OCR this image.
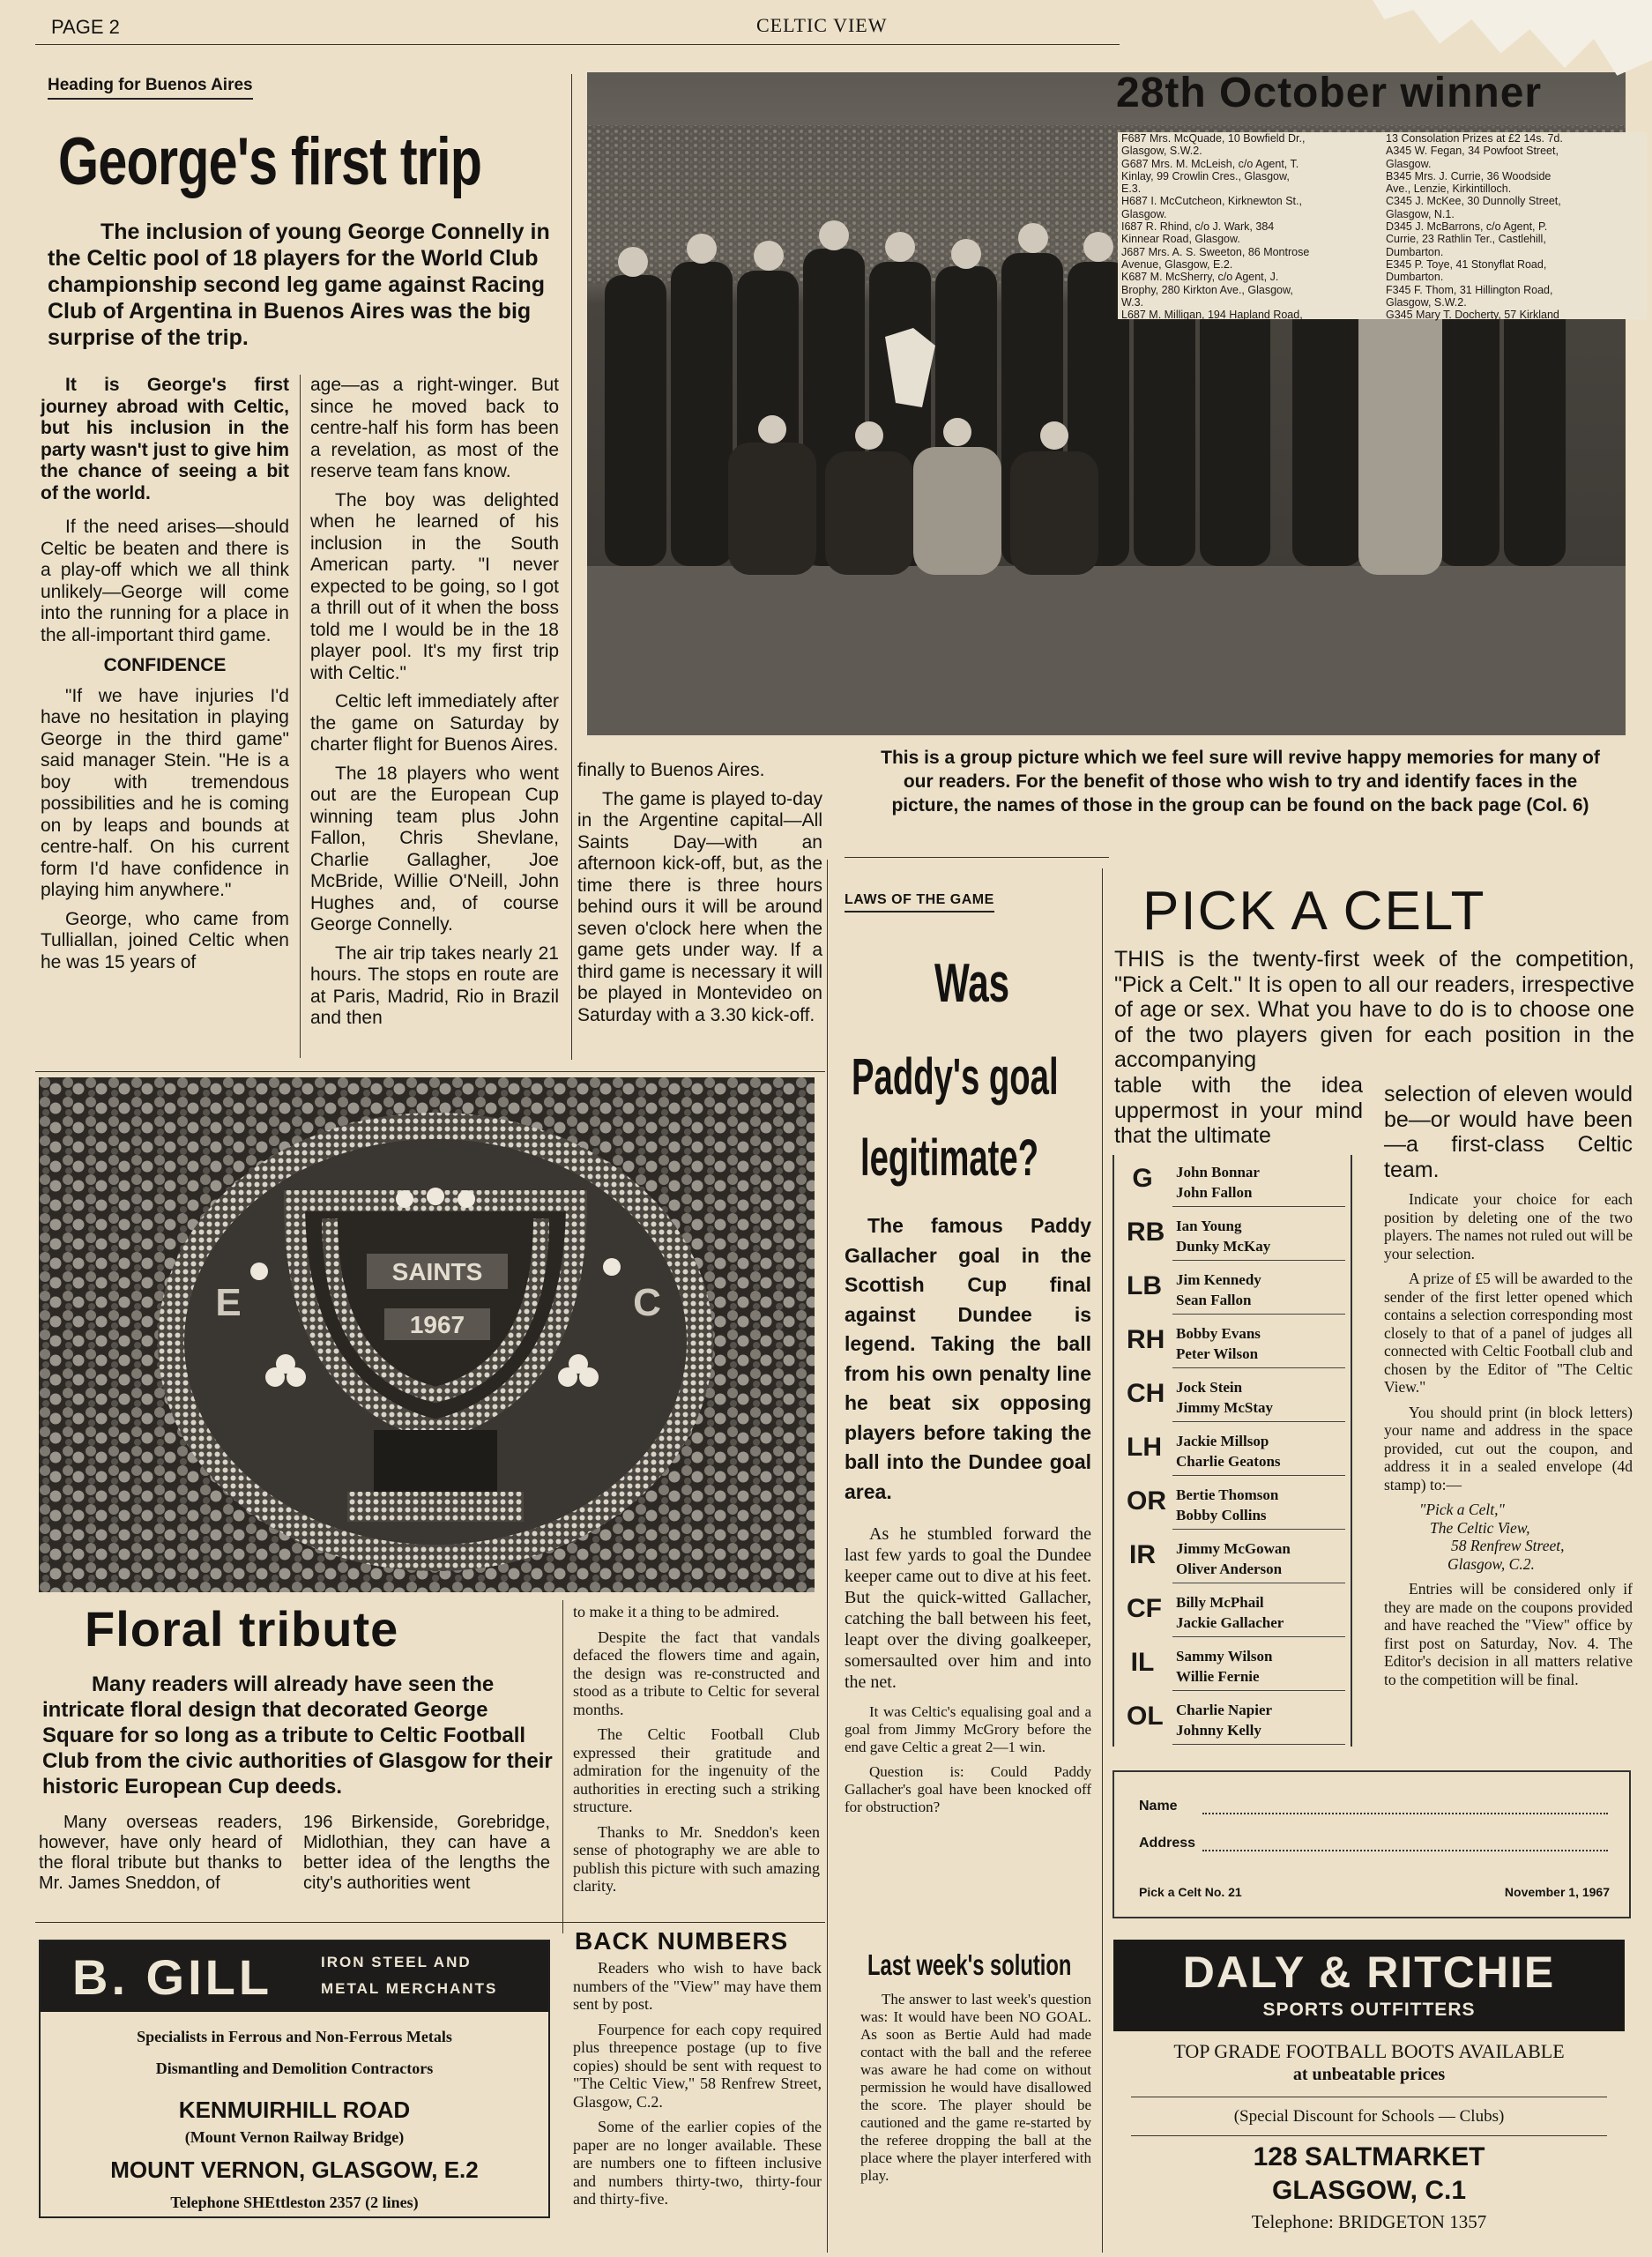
PAGE 2	CELTIC VIEW
Heading for Buenos Aires
George's first trip
The inclusion of young George Connelly in the Celtic pool of 18 players for the World Club championship second leg game against Racing Club of Argentina in Buenos Aires was the big surprise of the trip.

It is George's first journey abroad with Celtic, but his inclusion in the party wasn't just to give him the chance of seeing a bit of the world.

If the need arises—should Celtic be beaten and there is a play-off which we all think unlikely—George will come into the running for a place in the all-important third game.

CONFIDENCE

"If we have injuries I'd have no hesitation in playing George in the third game" said manager Stein. "He is a boy with tremendous possibilities and he is coming on by leaps and bounds at centre-half. On his current form I'd have confidence in playing him anywhere."

George, who came from Tulliallan, joined Celtic when he was 15 years of

age—as a right-winger. But since he moved back to centre-half his form has been a revelation, as most of the reserve team fans know.

The boy was delighted when he learned of his inclusion in the South American party. "I never expected to be going, so I got a thrill out of it when the boss told me I would be in the 18 player pool. It's my first trip with Celtic."

Celtic left immediately after the game on Saturday by charter flight for Buenos Aires.

The 18 players who went out are the European Cup winning team plus John Fallon, Chris Shevlane, Charlie Gallagher, Joe McBride, Willie O'Neill, John Hughes and, of course George Connelly.

The air trip takes nearly 21 hours. The stops en route are at Paris, Madrid, Rio in Brazil and then

finally to Buenos Aires.

The game is played to-day in the Argentine capital—All Saints Day—with an afternoon kick-off, but, as the time there is three hours behind ours it will be around seven o'clock here when the game gets under way. If a third game is necessary it will be played in Montevideo on Saturday with a 3.30 kick-off.

This is a group picture which we feel sure will revive happy memories for many of our readers. For the benefit of those who wish to try and identify faces in the picture, the names of those in the group can be found on the back page (Col. 6)
28th October winner
F687 Mrs. McQuade, 10 Bowfield Dr.,
Glasgow, S.W.2.
G687 Mrs. M. McLeish, c/o Agent, T.
Kinlay, 99 Crowlin Cres., Glasgow,
E.3.
H687 I. McCutcheon, Kirknewton St.,
Glasgow.
I687 R. Rhind, c/o J. Wark, 384
Kinnear Road, Glasgow.
J687 Mrs. A. S. Sweeton, 86 Montrose
Avenue, Glasgow, E.2.
K687 M. McSherry, c/o Agent, J.
Brophy, 280 Kirkton Ave., Glasgow,
W.3.
L687 M. Milligan, 194 Hapland Road,
13 Consolation Prizes at £2 14s. 7d.
A345 W. Fegan, 34 Powfoot Street,
Glasgow.
B345 Mrs. J. Currie, 36 Woodside
Ave., Lenzie, Kirkintilloch.
C345 J. McKee, 30 Dunnolly Street,
Glasgow, N.1.
D345 J. McBarrons, c/o Agent, P.
Currie, 23 Rathlin Ter., Castlehill,
Dumbarton.
E345 P. Toye, 41 Stonyflat Road,
Dumbarton.
F345 F. Thom, 31 Hillington Road,
Glasgow, S.W.2.
G345 Mary T. Docherty, 57 Kirkland
SAINTS
1967
E	C
Floral tribute
Many readers will already have seen the intricate floral design that decorated George Square for so long as a tribute to Celtic Football Club from the civic authorities of Glasgow for their historic European Cup deeds.
Many overseas readers, however, have only heard of the floral tribute but thanks to Mr. James Sneddon, of
196 Birkenside, Gorebridge, Midlothian, they can have a better idea of the lengths the city's authorities went

to make it a thing to be admired.

Despite the fact that vandals defaced the flowers time and again, the design was re-constructed and stood as a tribute to Celtic for several months.

The Celtic Football Club expressed their gratitude and admiration for the ingenuity of the authorities in erecting such a striking structure.

Thanks to Mr. Sneddon's keen sense of photography we are able to publish this picture with such amazing clarity.

BACK NUMBERS

Readers who wish to have back numbers of the "View" may have them sent by post.

Fourpence for each copy required plus threepence postage (up to five copies) should be sent with request to "The Celtic View," 58 Renfrew Street, Glasgow, C.2.

Some of the earlier copies of the paper are no longer available. These are numbers one to fifteen inclusive and numbers thirty-two, thirty-four and thirty-five.

B. GILL	IRON STEEL AND
METAL MERCHANTS
Specialists in Ferrous and Non-Ferrous Metals
Dismantling and Demolition Contractors
KENMUIRHILL ROAD
(Mount Vernon Railway Bridge)
MOUNT VERNON, GLASGOW, E.2
Telephone SHEttleston 2357 (2 lines)
LAWS OF THE GAME
Was
Paddy's goal
legitimate?
The famous Paddy Gallacher goal in the Scottish Cup final against Dundee is legend. Taking the ball from his own penalty line he beat six opposing players before taking the ball into the Dundee goal area.

As he stumbled forward the last few yards to goal the Dundee keeper came out to dive at his feet. But the quick-witted Gallacher, catching the ball between his feet, leapt over the diving goalkeeper, somersaulted over him and into the net.

It was Celtic's equalising goal and a goal from Jimmy McGrory before the end gave Celtic a great 2—1 win.

Question is: Could Paddy Gallacher's goal have been knocked off for obstruction?

Last week's solution
The answer to last week's question was: It would have been NO GOAL. As soon as Bertie Auld had made contact with the ball and the referee was aware he had come on without permission he would have disallowed the score. The player should be cautioned and the game re-started by the referee dropping the ball at the place where the player interfered with play.
PICK A CELT
THIS is the twenty-first week of the competition, "Pick a Celt." It is open to all our readers, irrespective of age or sex. What you have to do is to choose one of the two players given for each position in the accompanying
table with the idea uppermost in your mind that the ultimate
selection of eleven would be—or would have been—a first-class Celtic team.
G	John Bonnar
John Fallon
RB Ian Young
Dunky McKay
LB Jim Kennedy
Sean Fallon
RH Bobby Evans
Peter Wilson
CH Jock Stein
Jimmy McStay
LH Jackie Millsop
Charlie Geatons
OR Bertie Thomson
Bobby Collins
IR Jimmy McGowan
Oliver Anderson
CF Billy McPhail
Jackie Gallacher
IL Sammy Wilson
Willie Fernie
OL Charlie Napier
Johnny Kelly

Indicate your choice for each position by deleting one of the two players. The names not ruled out will be your selection.

A prize of £5 will be awarded to the sender of the first letter opened which contains a selection corresponding most closely to that of a panel of judges all connected with Celtic Football club and chosen by the Editor of "The Celtic View."

You should print (in block letters) your name and address in the space provided, cut out the coupon, and address it in a sealed envelope (4d stamp) to:—

"Pick a Celt,"
The Celtic View,
58 Renfrew Street,
Glasgow, C.2.

Entries will be considered only if they are made on the coupons provided and have reached the "View" office by first post on Saturday, Nov. 4. The Editor's decision in all matters relative to the competition will be final.

Name
Address
Pick a Celt No. 21	November 1, 1967
DALY & RITCHIE
SPORTS OUTFITTERS
TOP GRADE FOOTBALL BOOTS AVAILABLE
at unbeatable prices
(Special Discount for Schools — Clubs)
128 SALTMARKET
GLASGOW, C.1
Telephone: BRIDGETON 1357
